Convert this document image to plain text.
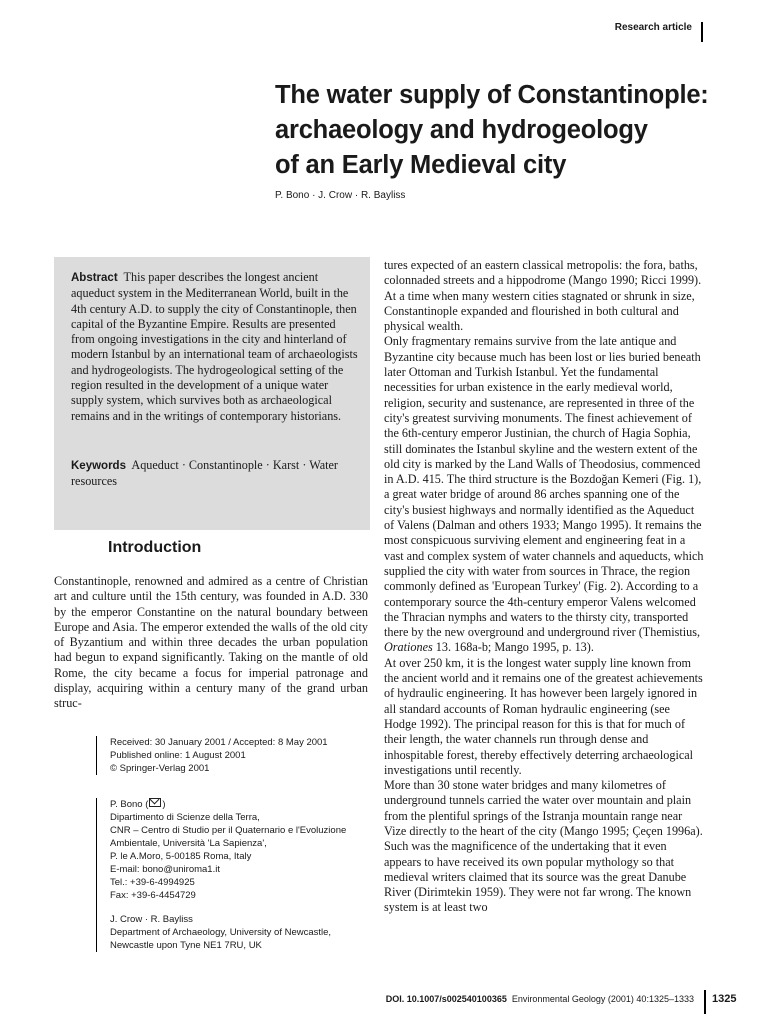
Research article
The water supply of Constantinople:
archaeology and hydrogeology
of an Early Medieval city
P. Bono · J. Crow · R. Bayliss

Abstract This paper describes the longest ancient aqueduct system in the Mediterranean World, built in the 4th century A.D. to supply the city of Constantinople, then capital of the Byzantine Empire. Results are presented from ongoing investigations in the city and hinterland of modern Istanbul by an international team of archaeologists and hydrogeologists. The hydrogeological setting of the region resulted in the development of a unique water supply system, which survives both as archaeological remains and in the writings of contemporary historians.

Keywords Aqueduct · Constantinople · Karst · Water resources

Introduction

Constantinople, renowned and admired as a centre of Christian art and culture until the 15th century, was founded in A.D. 330 by the emperor Constantine on the natural boundary between Europe and Asia. The emperor extended the walls of the old city of Byzantium and within three decades the urban population had begun to expand significantly. Taking on the mantle of old Rome, the city became a focus for imperial patronage and display, acquiring within a century many of the grand urban struc-

Received: 30 January 2001 / Accepted: 8 May 2001
Published online: 1 August 2001
© Springer-Verlag 2001
P. Bono ( )
Dipartimento di Scienze della Terra,
CNR – Centro di Studio per il Quaternario e l'Evoluzione
Ambientale, Università 'La Sapienza',
P. le A.Moro, 5-00185 Roma, Italy
E-mail: bono@uniroma1.it
Tel.: +39-6-4994925
Fax: +39-6-4454729
J. Crow · R. Bayliss
Department of Archaeology, University of Newcastle,
Newcastle upon Tyne NE1 7RU, UK

tures expected of an eastern classical metropolis: the fora, baths, colonnaded streets and a hippodrome (Mango 1990; Ricci 1999). At a time when many western cities stagnated or shrunk in size, Constantinople expanded and flourished in both cultural and physical wealth.

Only fragmentary remains survive from the late antique and Byzantine city because much has been lost or lies buried beneath later Ottoman and Turkish Istanbul. Yet the fundamental necessities for urban existence in the early medieval world, religion, security and sustenance, are represented in three of the city's greatest surviving monuments. The finest achievement of the 6th-century emperor Justinian, the church of Hagia Sophia, still dominates the Istanbul skyline and the western extent of the old city is marked by the Land Walls of Theodosius, commenced in A.D. 415. The third structure is the Bozdoğan Kemeri (Fig. 1), a great water bridge of around 86 arches spanning one of the city's busiest highways and normally identified as the Aqueduct of Valens (Dalman and others 1933; Mango 1995). It remains the most conspicuous surviving element and engineering feat in a vast and complex system of water channels and aqueducts, which supplied the city with water from sources in Thrace, the region commonly defined as 'European Turkey' (Fig. 2). According to a contemporary source the 4th-century emperor Valens welcomed the Thracian nymphs and waters to the thirsty city, transported there by the new overground and underground river (Themistius, Orationes 13. 168a-b; Mango 1995, p. 13).

At over 250 km, it is the longest water supply line known from the ancient world and it remains one of the greatest achievements of hydraulic engineering. It has however been largely ignored in all standard accounts of Roman hydraulic engineering (see Hodge 1992). The principal reason for this is that for much of their length, the water channels run through dense and inhospitable forest, thereby effectively deterring archaeological investigations until recently.

More than 30 stone water bridges and many kilometres of underground tunnels carried the water over mountain and plain from the plentiful springs of the Istranja mountain range near Vize directly to the heart of the city (Mango 1995; Çeçen 1996a). Such was the magnificence of the undertaking that it even appears to have received its own popular mythology so that medieval writers claimed that its source was the great Danube River (Dirimtekin 1959). They were not far wrong. The known system is at least two

DOI. 10.1007/s002540100365 Environmental Geology (2001) 40:1325–1333 1325
